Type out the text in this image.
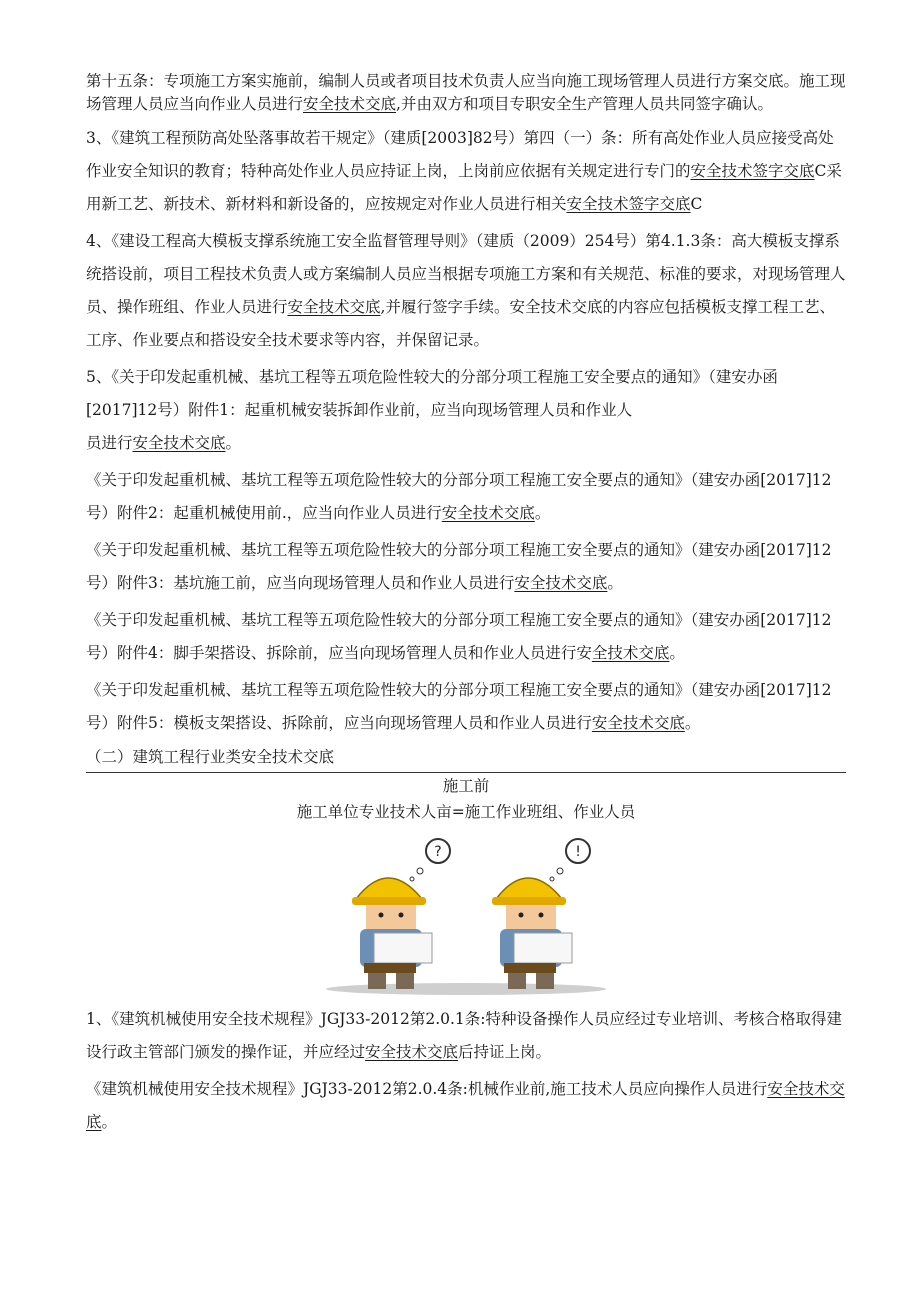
第十五条：专项施工方案实施前，编制人员或者项目技术负责人应当向施工现场管理人员进行方案交底。施工现场管理人员应当向作业人员进行安全技术交底,并由双方和项目专职安全生产管理人员共同签字确认。

3、《建筑工程预防高处坠落事故若干规定》（建质[2003]82号）第四（一）条：所有高处作业人员应接受高处作业安全知识的教育；特种高处作业人员应持证上岗，上岗前应依据有关规定进行专门的安全技术签字交底C采用新工艺、新技术、新材料和新设备的，应按规定对作业人员进行相关安全技术签字交底C

4、《建设工程高大模板支撑系统施工安全监督管理导则》（建质（2009）254号）第4.1.3条：高大模板支撑系统搭设前，项目工程技术负责人或方案编制人员应当根据专项施工方案和有关规范、标准的要求，对现场管理人员、操作班组、作业人员进行安全技术交底,并履行签字手续。安全技术交底的内容应包括模板支撑工程工艺、工序、作业要点和搭设安全技术要求等内容，并保留记录。

5、《关于印发起重机械、基坑工程等五项危险性较大的分部分项工程施工安全要点的通知》（建安办函[2017]12号）附件1：起重机械安装拆卸作业前，应当向现场管理人员和作业人
员进行安全技术交底。

《关于印发起重机械、基坑工程等五项危险性较大的分部分项工程施工安全要点的通知》（建安办函[2017]12号）附件2：起重机械使用前.，应当向作业人员进行安全技术交底。

《关于印发起重机械、基坑工程等五项危险性较大的分部分项工程施工安全要点的通知》（建安办函[2017]12号）附件3：基坑施工前，应当向现场管理人员和作业人员进行安全技术交底。

《关于印发起重机械、基坑工程等五项危险性较大的分部分项工程施工安全要点的通知》（建安办函[2017]12号）附件4：脚手架搭设、拆除前，应当向现场管理人员和作业人员进行安全技术交底。

《关于印发起重机械、基坑工程等五项危险性较大的分部分项工程施工安全要点的通知》（建安办函[2017]12号）附件5：模板支架搭设、拆除前，应当向现场管理人员和作业人员进行安全技术交底。

（二）建筑工程行业类安全技术交底

施工前

施工单位专业技术人亩=施工作业班组、作业人员

?	!

1、《建筑机械使用安全技术规程》JGJ33-2012第2.0.1条:特种设备操作人员应经过专业培训、考核合格取得建设行政主管部门颁发的操作证，并应经过安全技术交底后持证上岗。

《建筑机械使用安全技术规程》JGJ33-2012第2.0.4条:机械作业前,施工技术人员应向操作人员进行安全技术交底。
